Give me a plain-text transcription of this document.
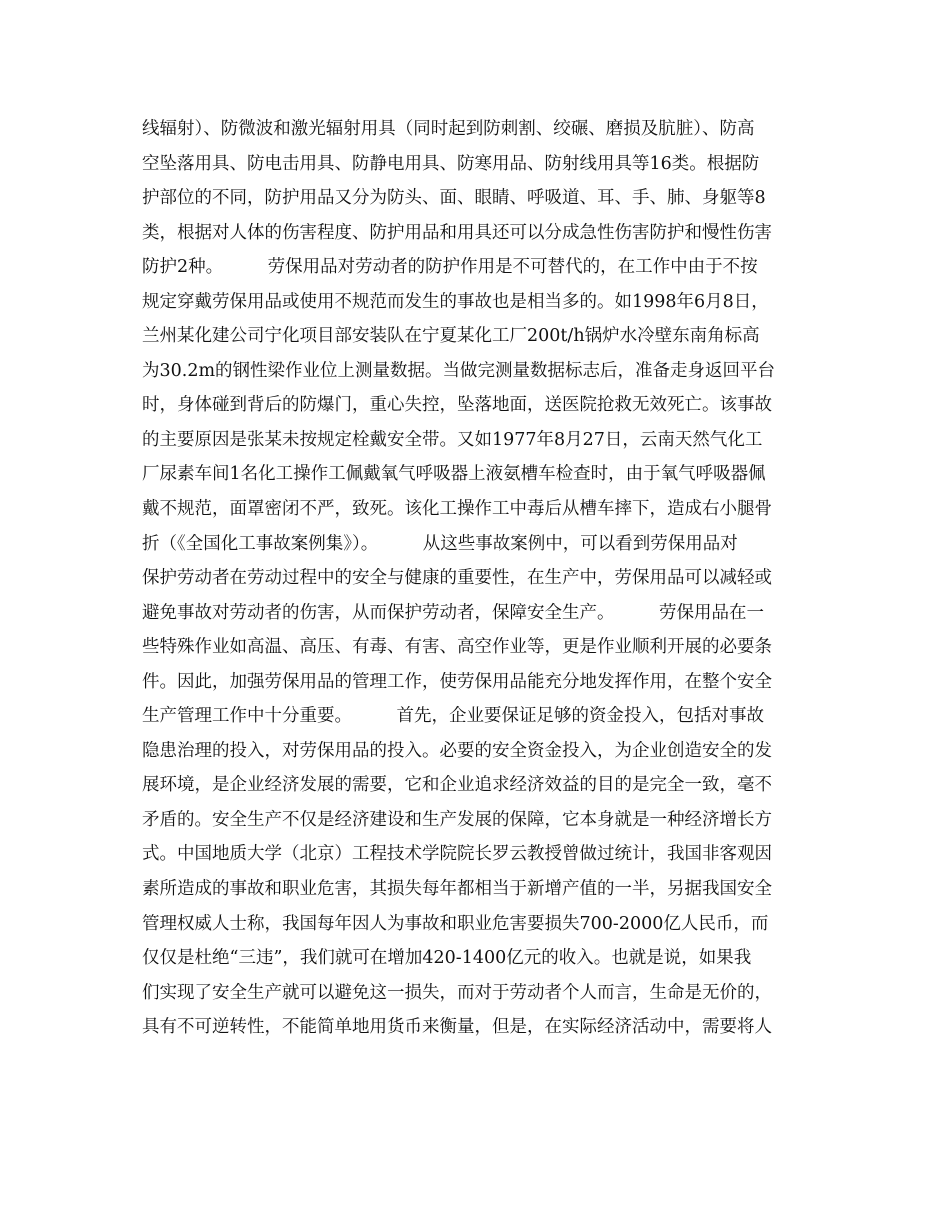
线辐射）、防微波和激光辐射用具（同时起到防刺割、绞碾、磨损及肮脏）、防高
空坠落用具、防电击用具、防静电用具、防寒用品、防射线用具等16类。根据防
护部位的不同，防护用品又分为防头、面、眼睛、呼吸道、耳、手、肺、身躯等8
类，根据对人体的伤害程度、防护用品和用具还可以分成急性伤害防护和慢性伤害
防护2种。        劳保用品对劳动者的防护作用是不可替代的，在工作中由于不按
规定穿戴劳保用品或使用不规范而发生的事故也是相当多的。如1998年6月8日，
兰州某化建公司宁化项目部安装队在宁夏某化工厂200t/h锅炉水冷壁东南角标高
为30.2m的钢性梁作业位上测量数据。当做完测量数据标志后，准备走身返回平台
时，身体碰到背后的防爆门，重心失控，坠落地面，送医院抢救无效死亡。该事故
的主要原因是张某未按规定栓戴安全带。又如1977年8月27日，云南天然气化工
厂尿素车间1名化工操作工佩戴氧气呼吸器上液氨槽车检查时，由于氧气呼吸器佩
戴不规范，面罩密闭不严，致死。该化工操作工中毒后从槽车摔下，造成右小腿骨
折（《全国化工事故案例集》）。        从这些事故案例中，可以看到劳保用品对
保护劳动者在劳动过程中的安全与健康的重要性，在生产中，劳保用品可以减轻或
避免事故对劳动者的伤害，从而保护劳动者，保障安全生产。        劳保用品在一
些特殊作业如高温、高压、有毒、有害、高空作业等，更是作业顺利开展的必要条
件。因此，加强劳保用品的管理工作，使劳保用品能充分地发挥作用，在整个安全
生产管理工作中十分重要。        首先，企业要保证足够的资金投入，包括对事故
隐患治理的投入，对劳保用品的投入。必要的安全资金投入，为企业创造安全的发
展环境，是企业经济发展的需要，它和企业追求经济效益的目的是完全一致，毫不
矛盾的。安全生产不仅是经济建设和生产发展的保障，它本身就是一种经济增长方
式。中国地质大学（北京）工程技术学院院长罗云教授曾做过统计，我国非客观因
素所造成的事故和职业危害，其损失每年都相当于新增产值的一半，另据我国安全
管理权威人士称，我国每年因人为事故和职业危害要损失700-2000亿人民币，而
仅仅是杜绝“三违”，我们就可在增加420-1400亿元的收入。也就是说，如果我
们实现了安全生产就可以避免这一损失，而对于劳动者个人而言，生命是无价的，
具有不可逆转性，不能简单地用货币来衡量，但是，在实际经济活动中，需要将人
